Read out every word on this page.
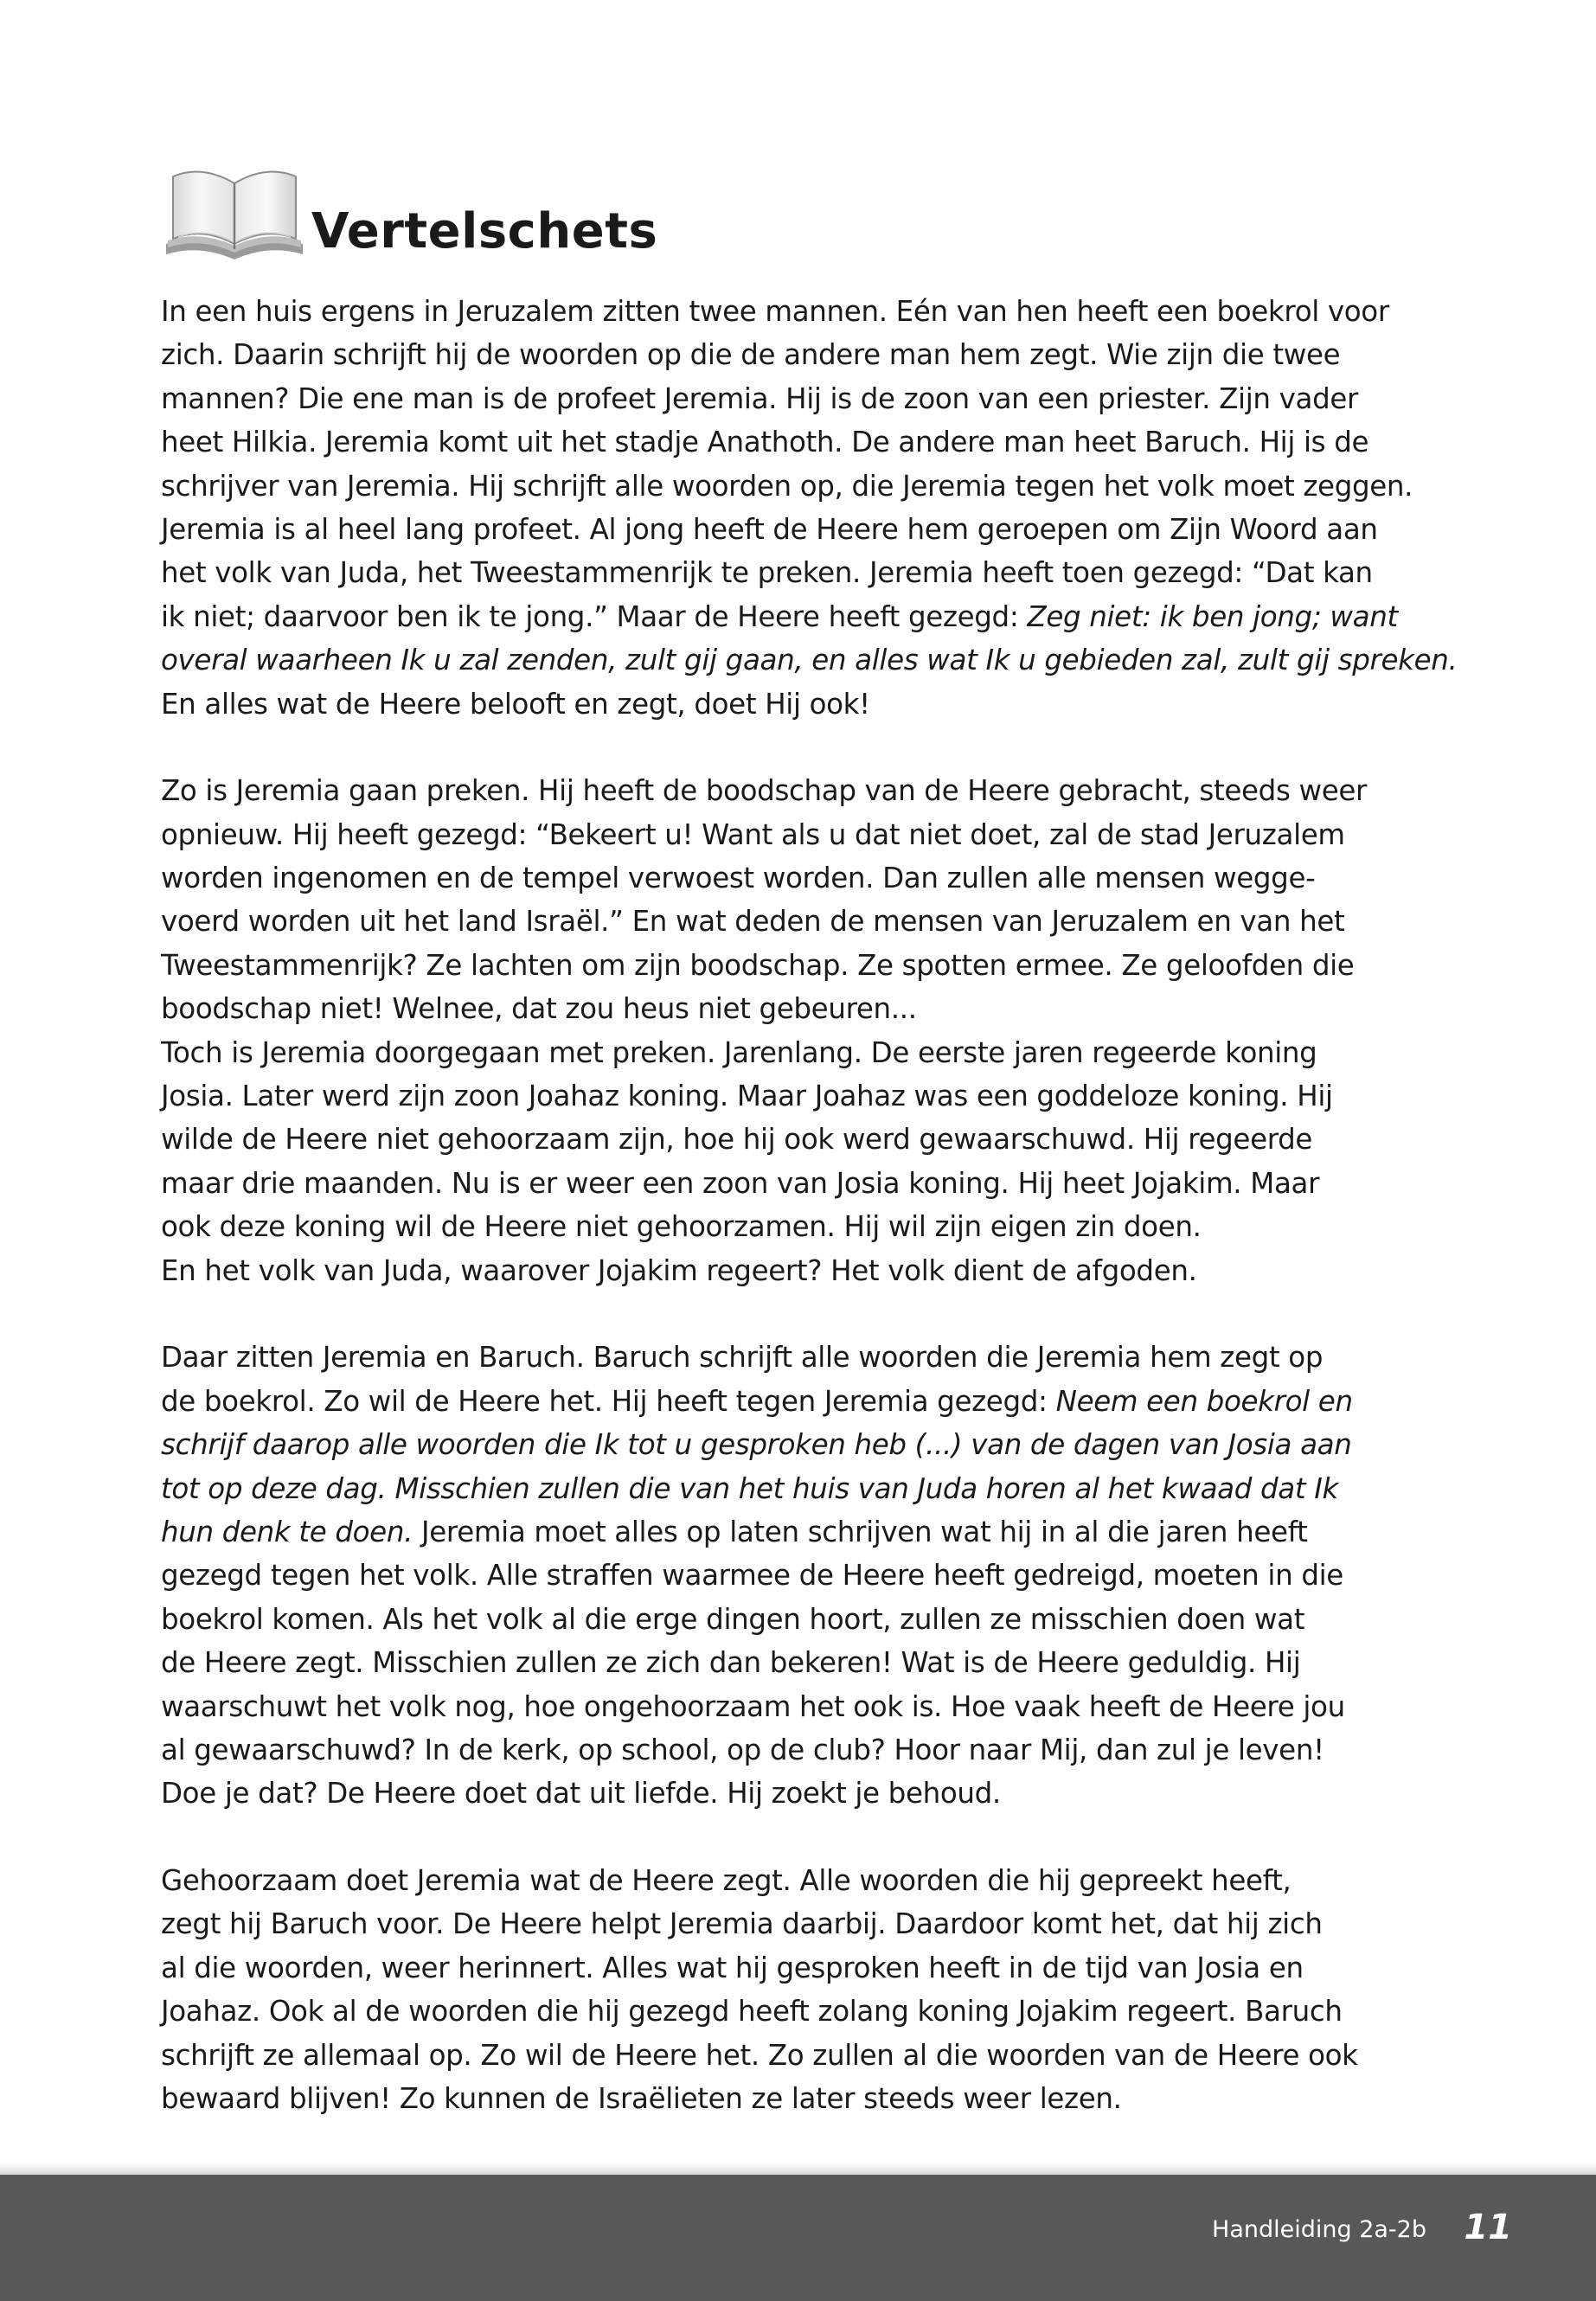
Vertelschets
In een huis ergens in Jeruzalem zitten twee mannen. Eén van hen heeft een boekrol voor
zich. Daarin schrijft hij de woorden op die de andere man hem zegt. Wie zijn die twee
mannen? Die ene man is de profeet Jeremia. Hij is de zoon van een priester. Zijn vader
heet Hilkia. Jeremia komt uit het stadje Anathoth. De andere man heet Baruch. Hij is de
schrijver van Jeremia. Hij schrijft alle woorden op, die Jeremia tegen het volk moet zeggen.
Jeremia is al heel lang profeet. Al jong heeft de Heere hem geroepen om Zijn Woord aan
het volk van Juda, het Tweestammenrijk te preken. Jeremia heeft toen gezegd: “Dat kan
ik niet; daarvoor ben ik te jong.” Maar de Heere heeft gezegd: Zeg niet: ik ben jong; want
overal waarheen Ik u zal zenden, zult gij gaan, en alles wat Ik u gebieden zal, zult gij spreken.
En alles wat de Heere belooft en zegt, doet Hij ook!
Zo is Jeremia gaan preken. Hij heeft de boodschap van de Heere gebracht, steeds weer
opnieuw. Hij heeft gezegd: “Bekeert u! Want als u dat niet doet, zal de stad Jeruzalem
worden ingenomen en de tempel verwoest worden. Dan zullen alle mensen wegge-
voerd worden uit het land Israël.” En wat deden de mensen van Jeruzalem en van het
Tweestammenrijk? Ze lachten om zijn boodschap. Ze spotten ermee. Ze geloofden die
boodschap niet! Welnee, dat zou heus niet gebeuren...
Toch is Jeremia doorgegaan met preken. Jarenlang. De eerste jaren regeerde koning
Josia. Later werd zijn zoon Joahaz koning. Maar Joahaz was een goddeloze koning. Hij
wilde de Heere niet gehoorzaam zijn, hoe hij ook werd gewaarschuwd. Hij regeerde
maar drie maanden. Nu is er weer een zoon van Josia koning. Hij heet Jojakim. Maar
ook deze koning wil de Heere niet gehoorzamen. Hij wil zijn eigen zin doen.
En het volk van Juda, waarover Jojakim regeert? Het volk dient de afgoden.
Daar zitten Jeremia en Baruch. Baruch schrijft alle woorden die Jeremia hem zegt op
de boekrol. Zo wil de Heere het. Hij heeft tegen Jeremia gezegd: Neem een boekrol en
schrijf daarop alle woorden die Ik tot u gesproken heb (...) van de dagen van Josia aan
tot op deze dag. Misschien zullen die van het huis van Juda horen al het kwaad dat Ik
hun denk te doen. Jeremia moet alles op laten schrijven wat hij in al die jaren heeft
gezegd tegen het volk. Alle straffen waarmee de Heere heeft gedreigd, moeten in die
boekrol komen. Als het volk al die erge dingen hoort, zullen ze misschien doen wat
de Heere zegt. Misschien zullen ze zich dan bekeren! Wat is de Heere geduldig. Hij
waarschuwt het volk nog, hoe ongehoorzaam het ook is. Hoe vaak heeft de Heere jou
al gewaarschuwd? In de kerk, op school, op de club? Hoor naar Mij, dan zul je leven!
Doe je dat? De Heere doet dat uit liefde. Hij zoekt je behoud.
Gehoorzaam doet Jeremia wat de Heere zegt. Alle woorden die hij gepreekt heeft,
zegt hij Baruch voor. De Heere helpt Jeremia daarbij. Daardoor komt het, dat hij zich
al die woorden, weer herinnert. Alles wat hij gesproken heeft in de tijd van Josia en
Joahaz. Ook al de woorden die hij gezegd heeft zolang koning Jojakim regeert. Baruch
schrijft ze allemaal op. Zo wil de Heere het. Zo zullen al die woorden van de Heere ook
bewaard blijven! Zo kunnen de Israëlieten ze later steeds weer lezen.
Handleiding 2a-2b 11
